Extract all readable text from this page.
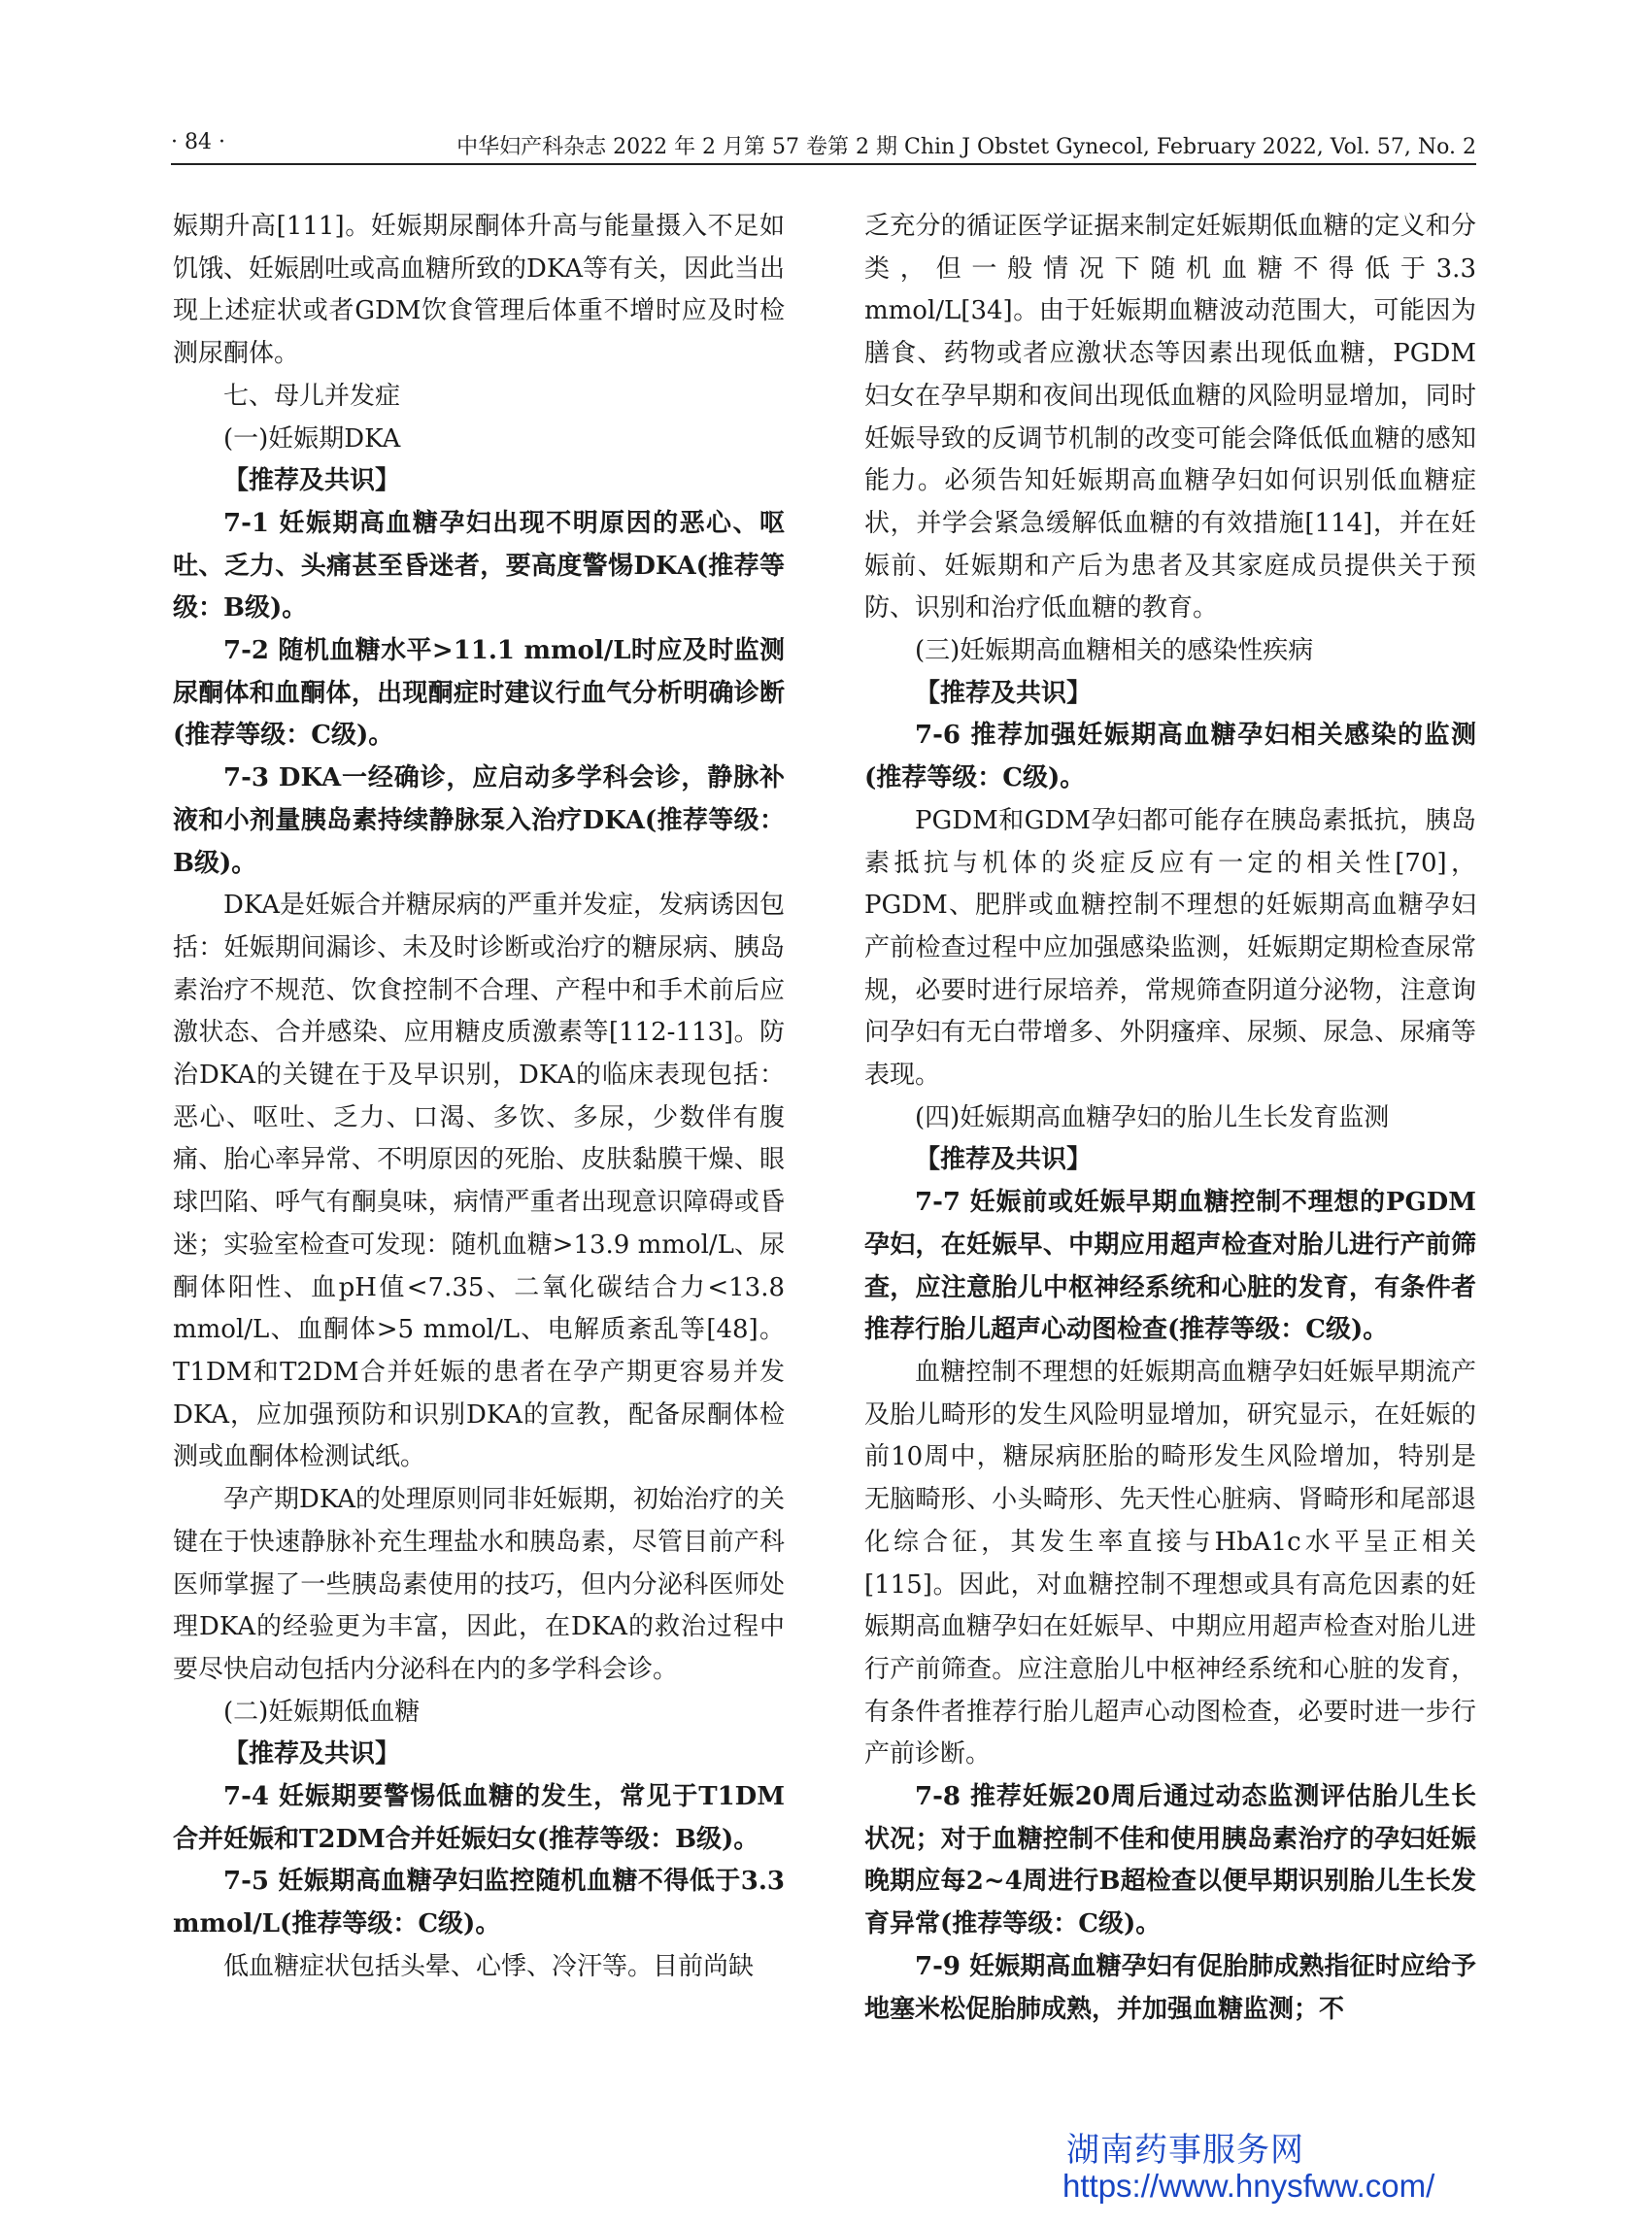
· 84 ·	中华妇产科杂志 2022 年 2 月第 57 卷第 2 期 Chin J Obstet Gynecol, February 2022, Vol. 57, No. 2

娠期升高[111]。妊娠期尿酮体升高与能量摄入不足如饥饿、妊娠剧吐或高血糖所致的DKA等有关，因此当出现上述症状或者GDM饮食管理后体重不增时应及时检测尿酮体。

七、母儿并发症

(一)妊娠期DKA

【推荐及共识】

7-1 妊娠期高血糖孕妇出现不明原因的恶心、呕吐、乏力、头痛甚至昏迷者，要高度警惕DKA(推荐等级：B级)。

7-2 随机血糖水平>11.1 mmol/L时应及时监测尿酮体和血酮体，出现酮症时建议行血气分析明确诊断(推荐等级：C级)。

7-3 DKA一经确诊，应启动多学科会诊，静脉补液和小剂量胰岛素持续静脉泵入治疗DKA(推荐等级：B级)。

DKA是妊娠合并糖尿病的严重并发症，发病诱因包括：妊娠期间漏诊、未及时诊断或治疗的糖尿病、胰岛素治疗不规范、饮食控制不合理、产程中和手术前后应激状态、合并感染、应用糖皮质激素等[112-113]。防治DKA的关键在于及早识别，DKA的临床表现包括：恶心、呕吐、乏力、口渴、多饮、多尿，少数伴有腹痛、胎心率异常、不明原因的死胎、皮肤黏膜干燥、眼球凹陷、呼气有酮臭味，病情严重者出现意识障碍或昏迷；实验室检查可发现：随机血糖>13.9 mmol/L、尿酮体阳性、血pH值<7.35、二氧化碳结合力<13.8 mmol/L、血酮体>5 mmol/L、电解质紊乱等[48]。T1DM和T2DM合并妊娠的患者在孕产期更容易并发DKA，应加强预防和识别DKA的宣教，配备尿酮体检测或血酮体检测试纸。

孕产期DKA的处理原则同非妊娠期，初始治疗的关键在于快速静脉补充生理盐水和胰岛素，尽管目前产科医师掌握了一些胰岛素使用的技巧，但内分泌科医师处理DKA的经验更为丰富，因此，在DKA的救治过程中要尽快启动包括内分泌科在内的多学科会诊。

(二)妊娠期低血糖

【推荐及共识】

7-4 妊娠期要警惕低血糖的发生，常见于T1DM合并妊娠和T2DM合并妊娠妇女(推荐等级：B级)。

7-5 妊娠期高血糖孕妇监控随机血糖不得低于3.3 mmol/L(推荐等级：C级)。

低血糖症状包括头晕、心悸、冷汗等。目前尚缺

乏充分的循证医学证据来制定妊娠期低血糖的定义和分类，但一般情况下随机血糖不得低于3.3 mmol/L[34]。由于妊娠期血糖波动范围大，可能因为膳食、药物或者应激状态等因素出现低血糖，PGDM妇女在孕早期和夜间出现低血糖的风险明显增加，同时妊娠导致的反调节机制的改变可能会降低低血糖的感知能力。必须告知妊娠期高血糖孕妇如何识别低血糖症状，并学会紧急缓解低血糖的有效措施[114]，并在妊娠前、妊娠期和产后为患者及其家庭成员提供关于预防、识别和治疗低血糖的教育。

(三)妊娠期高血糖相关的感染性疾病

【推荐及共识】

7-6 推荐加强妊娠期高血糖孕妇相关感染的监测(推荐等级：C级)。

PGDM和GDM孕妇都可能存在胰岛素抵抗，胰岛素抵抗与机体的炎症反应有一定的相关性[70]，PGDM、肥胖或血糖控制不理想的妊娠期高血糖孕妇产前检查过程中应加强感染监测，妊娠期定期检查尿常规，必要时进行尿培养，常规筛查阴道分泌物，注意询问孕妇有无白带增多、外阴瘙痒、尿频、尿急、尿痛等表现。

(四)妊娠期高血糖孕妇的胎儿生长发育监测

【推荐及共识】

7-7 妊娠前或妊娠早期血糖控制不理想的PGDM孕妇，在妊娠早、中期应用超声检查对胎儿进行产前筛查，应注意胎儿中枢神经系统和心脏的发育，有条件者推荐行胎儿超声心动图检查(推荐等级：C级)。

血糖控制不理想的妊娠期高血糖孕妇妊娠早期流产及胎儿畸形的发生风险明显增加，研究显示，在妊娠的前10周中，糖尿病胚胎的畸形发生风险增加，特别是无脑畸形、小头畸形、先天性心脏病、肾畸形和尾部退化综合征，其发生率直接与HbA1c水平呈正相关[115]。因此，对血糖控制不理想或具有高危因素的妊娠期高血糖孕妇在妊娠早、中期应用超声检查对胎儿进行产前筛查。应注意胎儿中枢神经系统和心脏的发育，有条件者推荐行胎儿超声心动图检查，必要时进一步行产前诊断。

7-8 推荐妊娠20周后通过动态监测评估胎儿生长状况；对于血糖控制不佳和使用胰岛素治疗的孕妇妊娠晚期应每2~4周进行B超检查以便早期识别胎儿生长发育异常(推荐等级：C级)。

7-9 妊娠期高血糖孕妇有促胎肺成熟指征时应给予地塞米松促胎肺成熟，并加强血糖监测；不

湖南药事服务网
https://www.hnysfww.com/
